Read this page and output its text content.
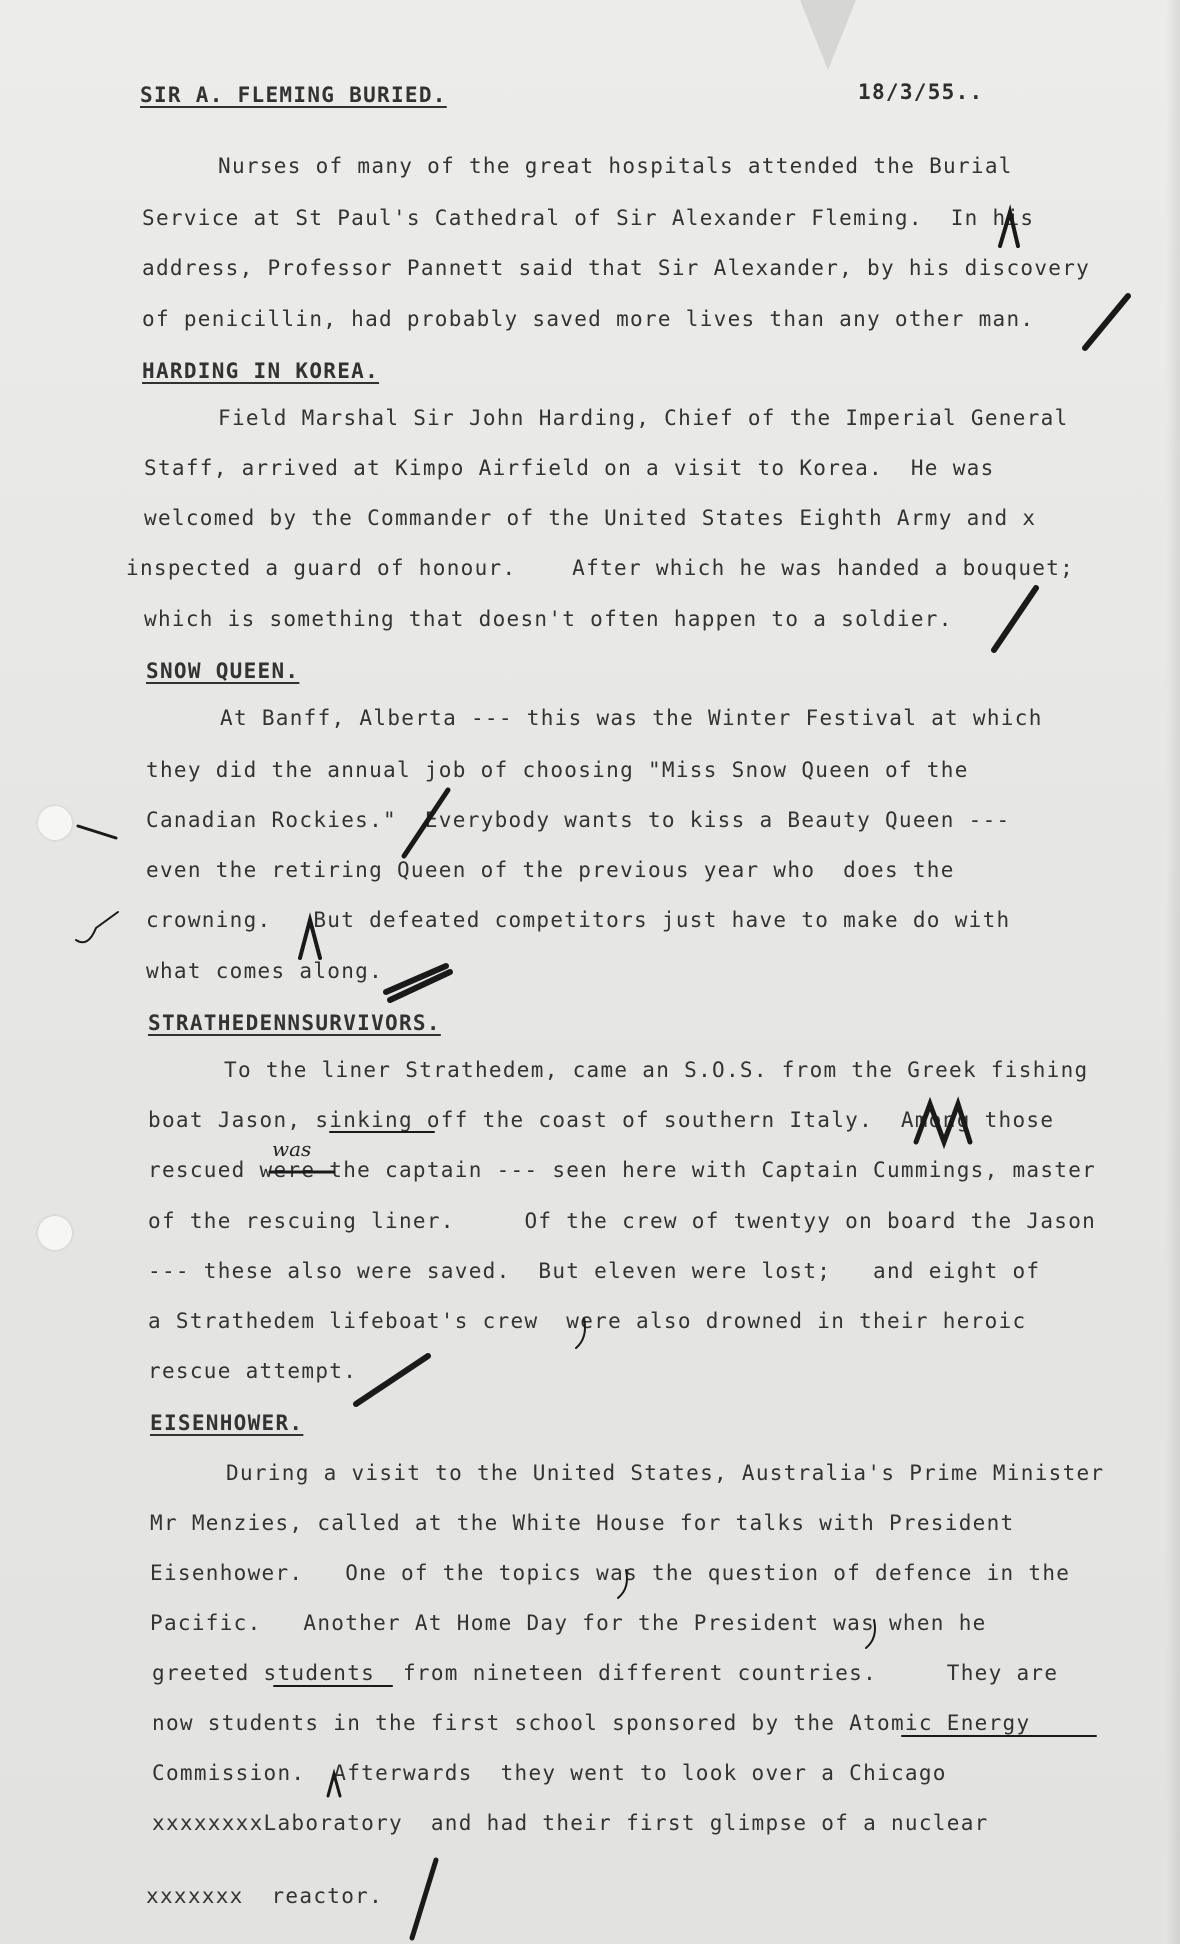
18/3/55..
SIR A. FLEMING BURIED.
Nurses of many of the great hospitals attended the Burial
Service at St Paul's Cathedral of Sir Alexander Fleming.  In his
address, Professor Pannett said that Sir Alexander, by his discovery
of penicillin, had probably saved more lives than any other man.
HARDING IN KOREA.
Field Marshal Sir John Harding, Chief of the Imperial General
Staff, arrived at Kimpo Airfield on a visit to Korea.  He was
welcomed by the Commander of the United States Eighth Army and x
inspected a guard of honour.    After which he was handed a bouquet;
which is something that doesn't often happen to a soldier.
SNOW QUEEN.
At Banff, Alberta --- this was the Winter Festival at which
they did the annual job of choosing "Miss Snow Queen of the
Canadian Rockies."  Everybody wants to kiss a Beauty Queen ---
even the retiring Queen of the previous year who  does the
crowning.   But defeated competitors just have to make do with
what comes along.
STRATHEDENNSURVIVORS.
To the liner Strathedem, came an S.O.S. from the Greek fishing
boat Jason, sinking off the coast of southern Italy.  Among those
rescued were the captain --- seen here with Captain Cummings, master
of the rescuing liner.     Of the crew of twentyy on board the Jason
--- these also were saved.  But eleven were lost;   and eight of
a Strathedem lifeboat's crew  were also drowned in their heroic
rescue attempt.
EISENHOWER.
During a visit to the United States, Australia's Prime Minister
Mr Menzies, called at the White House for talks with President
Eisenhower.   One of the topics was the question of defence in the
Pacific.   Another At Home Day for the President was when he
greeted students  from nineteen different countries.     They are
now students in the first school sponsored by the Atomic Energy
Commission.  Afterwards  they went to look over a Chicago
xxxxxxxxLaboratory  and had their first glimpse of a nuclear
xxxxxxx  reactor.
was
